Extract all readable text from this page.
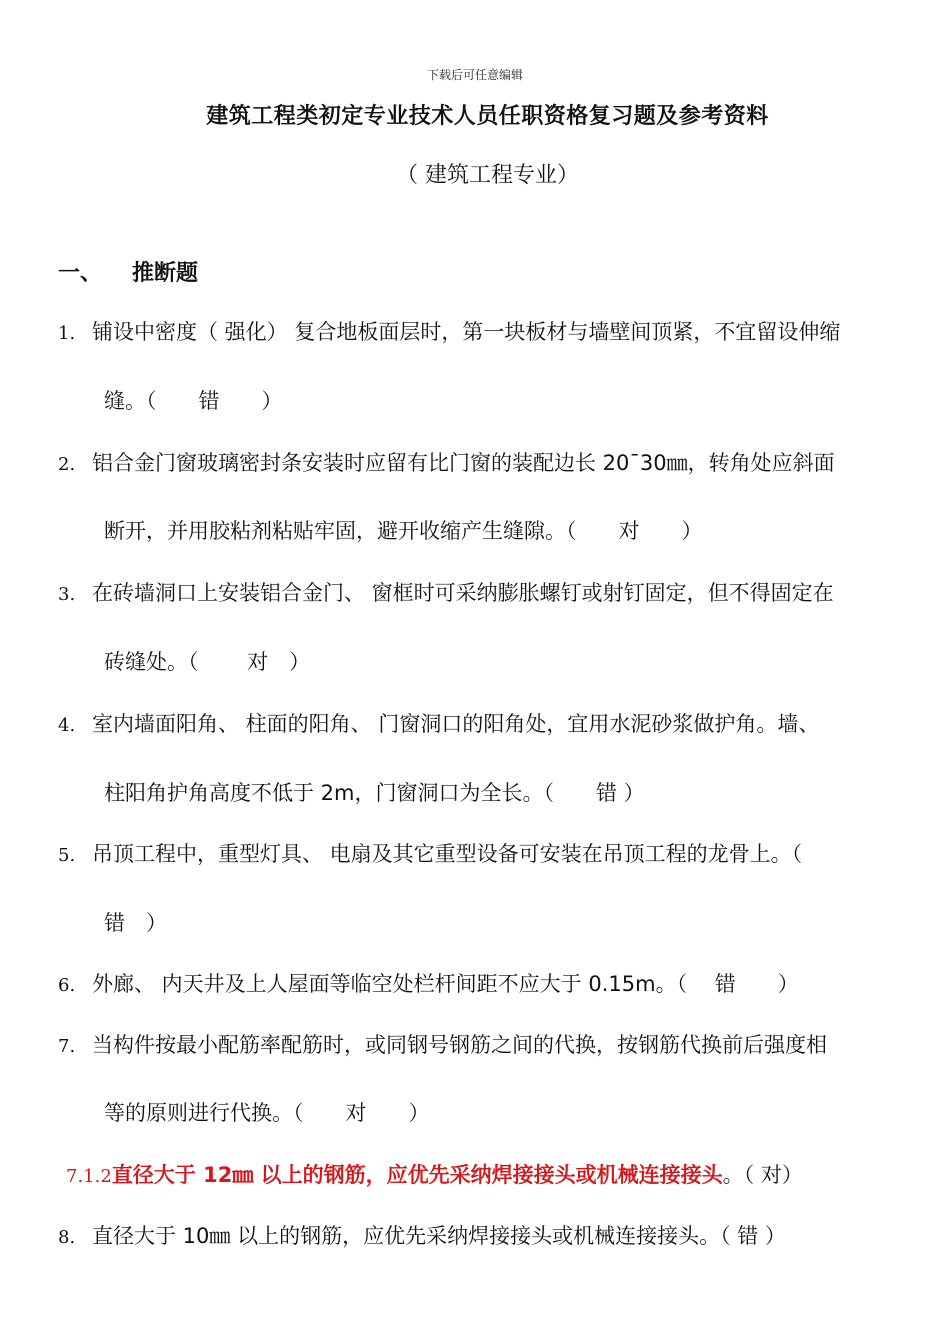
下载后可任意编辑
建筑工程类初定专业技术人员任职资格复习题及参考资料
（ 建筑工程专业）
一、 推断题
1. 铺设中密度（ 强化） 复合地板面层时，第一块板材与墙壁间顶紧，不宜留设伸缩
缝。（　　错　　）
2. 铝合金门窗玻璃密封条安装时应留有比门窗的装配边长 20¯30㎜，转角处应斜面
断开，并用胶粘剂粘贴牢固，避开收缩产生缝隙。（　　对　　）
3. 在砖墙洞口上安装铝合金门、 窗框时可采纳膨胀螺钉或射钉固定，但不得固定在
砖缝处。（　　 对　）
4. 室内墙面阳角、 柱面的阳角、 门窗洞口的阳角处，宜用水泥砂浆做护角。墙、
柱阳角护角高度不低于 2m，门窗洞口为全长。（　　错 ）
5. 吊顶工程中，重型灯具、 电扇及其它重型设备可安装在吊顶工程的龙骨上。（
错　）
6. 外廊、 内天井及上人屋面等临空处栏杆间距不应大于 0.15m。（　 错　　）
7. 当构件按最小配筋率配筋时，或同钢号钢筋之间的代换，按钢筋代换前后强度相
等的原则进行代换。（　　对　　）
7.1.2直径大于 12㎜ 以上的钢筋，应优先采纳焊接接头或机械连接接头。（ 对）
8. 直径大于 10㎜ 以上的钢筋，应优先采纳焊接接头或机械连接接头。（ 错 ）
